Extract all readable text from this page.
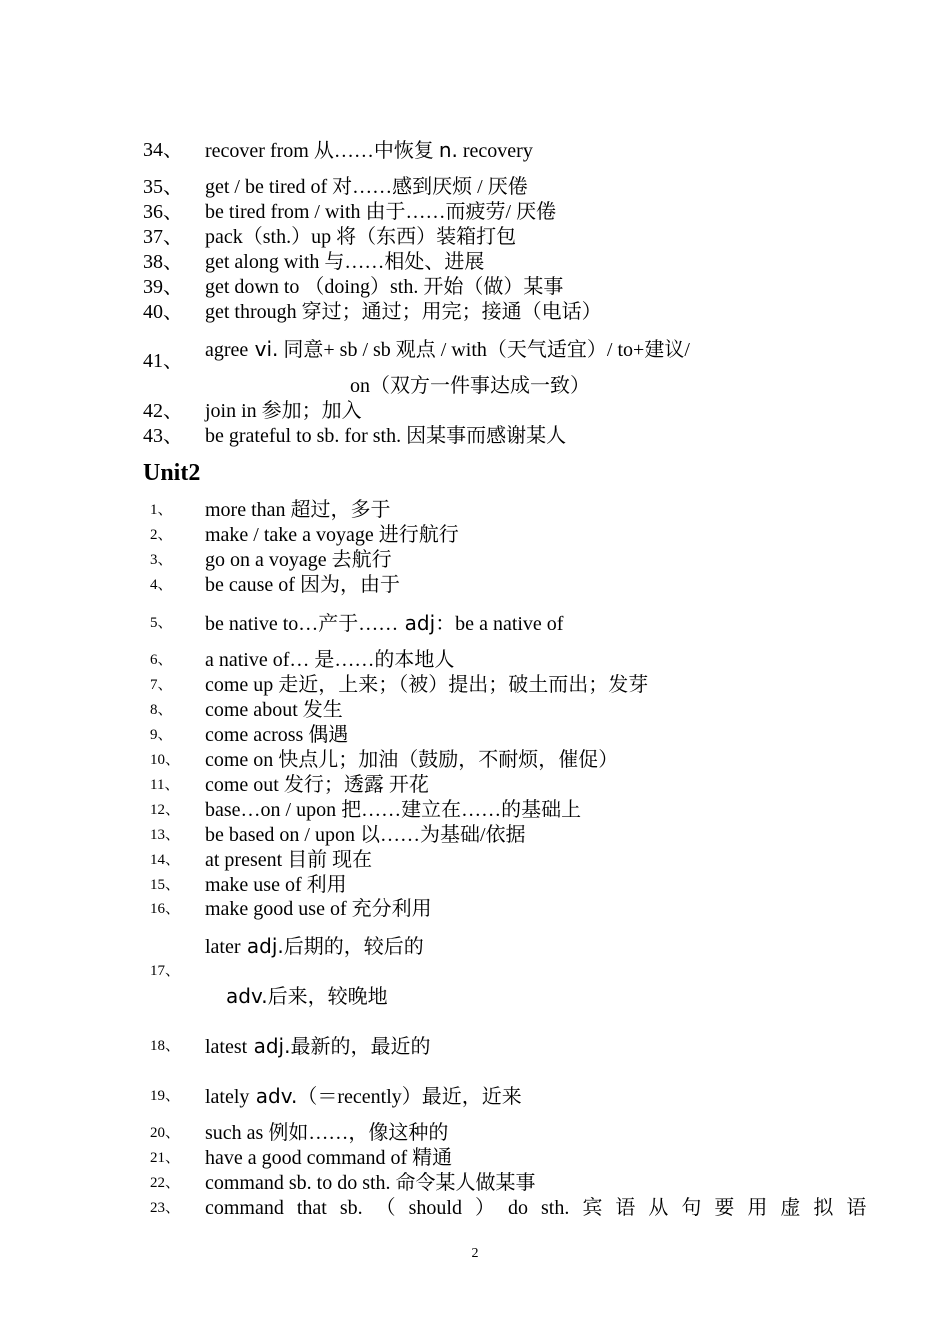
34、 recover from 从……中恢复 n. recovery
35、 get / be tired of 对……感到厌烦 / 厌倦
36、 be tired from / with 由于……而疲劳/ 厌倦
37、 pack（sth.）up 将（东西）装箱打包
38、 get along with 与……相处、进展
39、 get down to （doing）sth. 开始（做）某事
40、 get through 穿过；通过；用完；接通（电话）
agree vi. 同意+ sb / sb 观点 / with（天气适宜）/ to+建议/
41、
on（双方一件事达成一致）
42、 join in 参加；加入
43、 be grateful to sb. for sth. 因某事而感谢某人
Unit2
1、 more than 超过，多于
2、 make / take a voyage 进行航行
3、 go on a voyage 去航行
4、 be cause of 因为，由于
5、 be native to…产于…… adj：be a native of
6、 a native of… 是……的本地人
7、 come up 走近，上来；（被）提出；破土而出；发芽
8、 come about 发生
9、 come across 偶遇
10、 come on 快点儿；加油（鼓励，不耐烦，催促）
11、 come out 发行；透露 开花
12、 base…on / upon 把……建立在……的基础上
13、 be based on / upon 以……为基础/依据
14、 at present 目前 现在
15、 make use of 利用
16、 make good use of 充分利用
later adj.后期的，较后的
17、
adv.后来，较晚地
18、 latest adj.最新的，最近的
19、 lately adv.（＝recently）最近，近来
20、 such as 例如……，像这种的
21、 have a good command of 精通
22、 command sb. to do sth. 命令某人做某事
23、 command that sb. （ should ） do sth. 宾 语 从 句 要 用 虚 拟 语
2
